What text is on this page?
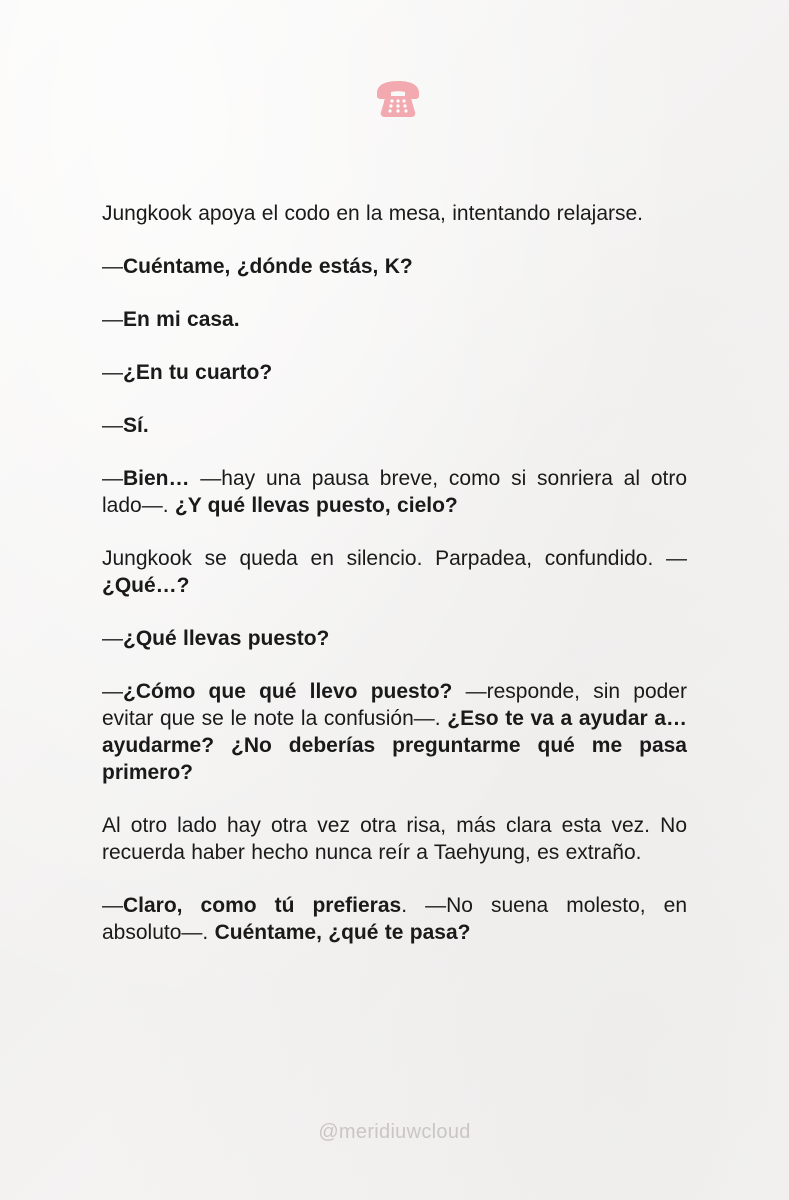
Jungkook apoya el codo en la mesa, intentando relajarse.

—Cuéntame, ¿dónde estás, K?

—En mi casa.

—¿En tu cuarto?

—Sí.

—Bien… —hay una pausa breve, como si sonriera al otro lado—. ¿Y qué llevas puesto, cielo?

Jungkook se queda en silencio. Parpadea, confundido. —¿Qué…?

—¿Qué llevas puesto?

—¿Cómo que qué llevo puesto? —responde, sin poder evitar que se le note la confusión—. ¿Eso te va a ayudar a… ayudarme? ¿No deberías preguntarme qué me pasa primero?

Al otro lado hay otra vez otra risa, más clara esta vez. No recuerda haber hecho nunca reír a Taehyung, es extraño.

—Claro, como tú prefieras. —No suena molesto, en absoluto—. Cuéntame, ¿qué te pasa?

@meridiuwcloud
